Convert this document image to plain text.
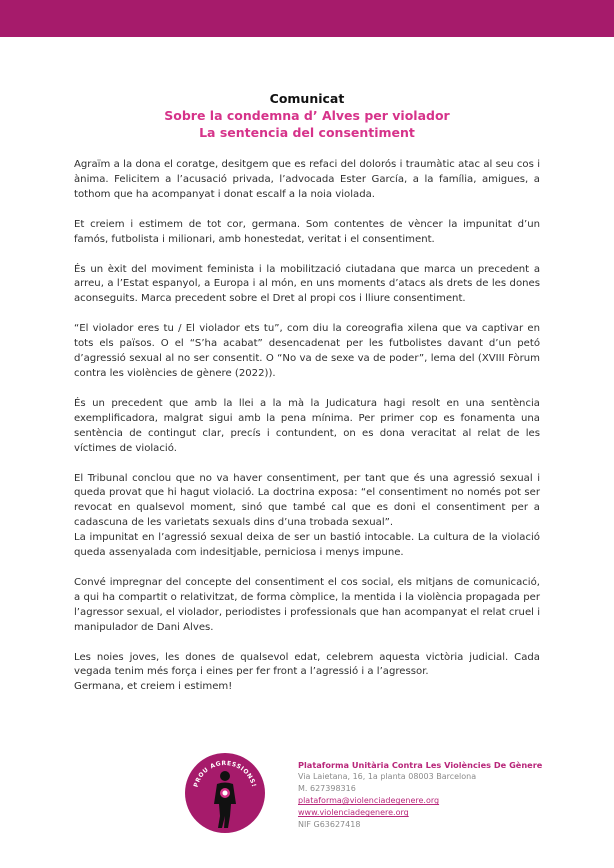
Comunicat
Sobre la condemna d’ Alves per violador
La sentencia del consentiment

Agraïm a la dona el coratge, desitgem que es refaci del dolorós i traumàtic atac al seu cos i ànima. Felicitem a l’acusació privada, l’advocada Ester García, a la família, amigues, a tothom que ha acompanyat i donat escalf a la noia violada.

Et creiem i estimem de tot cor, germana. Som contentes de vèncer la impunitat d’un famós, futbolista i milionari, amb honestedat, veritat i el consentiment.

És un èxit del moviment feminista i la mobilització ciutadana que marca un precedent a arreu, a l’Estat espanyol, a Europa i al món, en uns moments d’atacs als drets de les dones aconseguits. Marca precedent sobre el Dret al propi cos i lliure consentiment.

“El violador eres tu / El violador ets tu”, com diu la coreografia xilena que va captivar en tots els països. O el “S’ha acabat” desencadenat per les futbolistes davant d’un petó d’agressió sexual al no ser consentit. O “No va de sexe va de poder”, lema del (XVIII Fòrum contra les violències de gènere (2022)).

És un precedent que amb la llei a la mà la Judicatura hagi resolt en una sentència exemplificadora, malgrat sigui amb la pena mínima. Per primer cop es fonamenta una sentència de contingut clar, precís i contundent, on es dona veracitat al relat de les víctimes de violació.

El Tribunal conclou que no va haver consentiment, per tant que és una agressió sexual i queda provat que hi hagut violació. La doctrina exposa: “el consentiment no només pot ser revocat en qualsevol moment, sinó que també cal que es doni el consentiment per a cadascuna de les varietats sexuals dins d’una trobada sexual”.

La impunitat en l’agressió sexual deixa de ser un bastió intocable. La cultura de la violació queda assenyalada com indesitjable, perniciosa i menys impune.

Convé impregnar del concepte del consentiment el cos social, els mitjans de comunicació, a qui ha compartit o relativitzat, de forma còmplice, la mentida i la violència propagada per l’agressor sexual, el violador, periodistes i professionals que han acompanyat el relat cruel i manipulador de Dani Alves.

Les noies joves, les dones de qualsevol edat, celebrem aquesta victòria judicial. Cada vegada tenim més força i eines per fer front a l’agressió i a l’agressor.

Germana, et creiem i estimem!

PROU AGRESSIONS!
Plataforma Unitària Contra Les Violències De Gènere
Via Laietana, 16, 1a planta 08003 Barcelona
M. 627398316
plataforma@violenciadegenere.org
www.violenciadegenere.org
NIF G63627418
